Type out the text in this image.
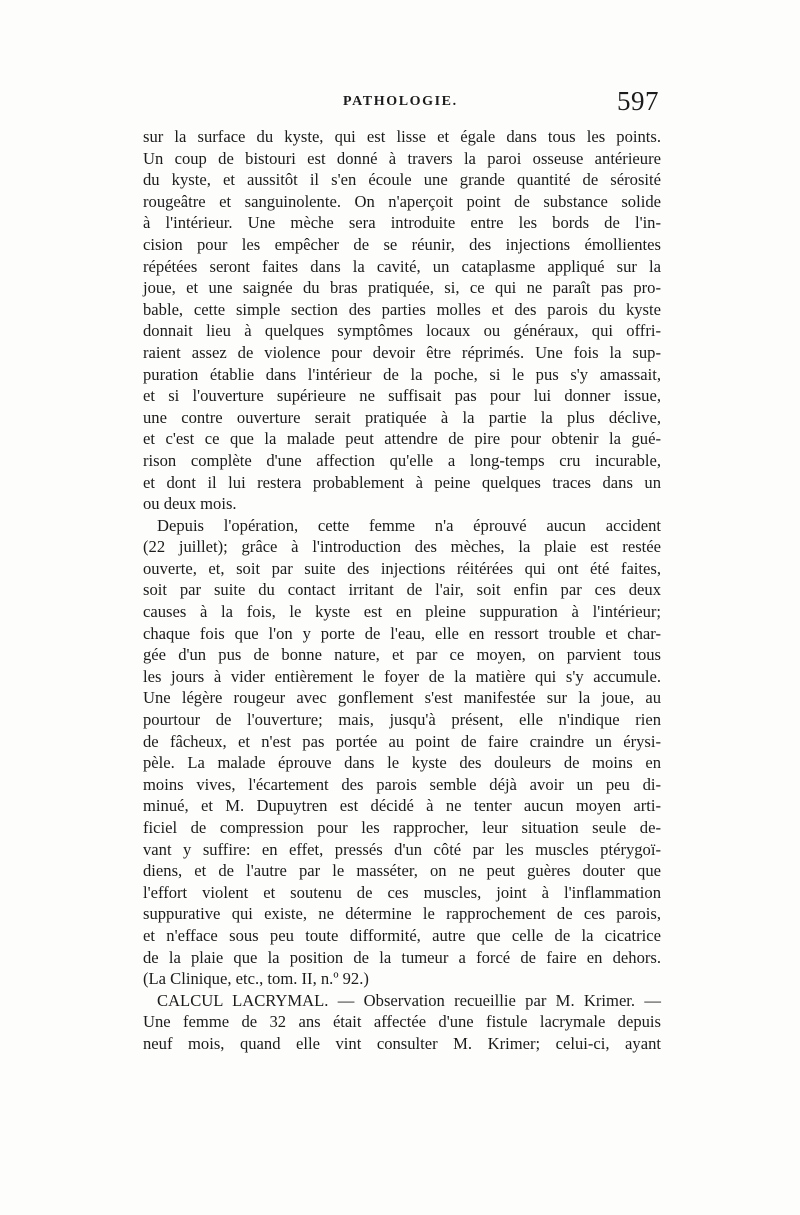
PATHOLOGIE.	597
sur la surface du kyste, qui est lisse et égale dans tous les points.
Un coup de bistouri est donné à travers la paroi osseuse antérieure
du kyste, et aussitôt il s'en écoule une grande quantité de sérosité
rougeâtre et sanguinolente. On n'aperçoit point de substance solide
à l'intérieur. Une mèche sera introduite entre les bords de l'in-
cision pour les empêcher de se réunir, des injections émollientes
répétées seront faites dans la cavité, un cataplasme appliqué sur la
joue, et une saignée du bras pratiquée, si, ce qui ne paraît pas pro-
bable, cette simple section des parties molles et des parois du kyste
donnait lieu à quelques symptômes locaux ou généraux, qui offri-
raient assez de violence pour devoir être réprimés. Une fois la sup-
puration établie dans l'intérieur de la poche, si le pus s'y amassait,
et si l'ouverture supérieure ne suffisait pas pour lui donner issue,
une contre ouverture serait pratiquée à la partie la plus déclive,
et c'est ce que la malade peut attendre de pire pour obtenir la gué-
rison complète d'une affection qu'elle a long-temps cru incurable,
et dont il lui restera probablement à peine quelques traces dans un
ou deux mois.
Depuis l'opération, cette femme n'a éprouvé aucun accident
(22 juillet); grâce à l'introduction des mèches, la plaie est restée
ouverte, et, soit par suite des injections réitérées qui ont été faites,
soit par suite du contact irritant de l'air, soit enfin par ces deux
causes à la fois, le kyste est en pleine suppuration à l'intérieur;
chaque fois que l'on y porte de l'eau, elle en ressort trouble et char-
gée d'un pus de bonne nature, et par ce moyen, on parvient tous
les jours à vider entièrement le foyer de la matière qui s'y accumule.
Une légère rougeur avec gonflement s'est manifestée sur la joue, au
pourtour de l'ouverture; mais, jusqu'à présent, elle n'indique rien
de fâcheux, et n'est pas portée au point de faire craindre un érysi-
pèle. La malade éprouve dans le kyste des douleurs de moins en
moins vives, l'écartement des parois semble déjà avoir un peu di-
minué, et M. Dupuytren est décidé à ne tenter aucun moyen arti-
ficiel de compression pour les rapprocher, leur situation seule de-
vant y suffire: en effet, pressés d'un côté par les muscles ptérygoï-
diens, et de l'autre par le masséter, on ne peut guères douter que
l'effort violent et soutenu de ces muscles, joint à l'inflammation
suppurative qui existe, ne détermine le rapprochement de ces parois,
et n'efface sous peu toute difformité, autre que celle de la cicatrice
de la plaie que la position de la tumeur a forcé de faire en dehors.
(La Clinique, etc., tom. II, n.º 92.)
CALCUL LACRYMAL. — Observation recueillie par M. Krimer. —
Une femme de 32 ans était affectée d'une fistule lacrymale depuis
neuf mois, quand elle vint consulter M. Krimer; celui-ci, ayant
